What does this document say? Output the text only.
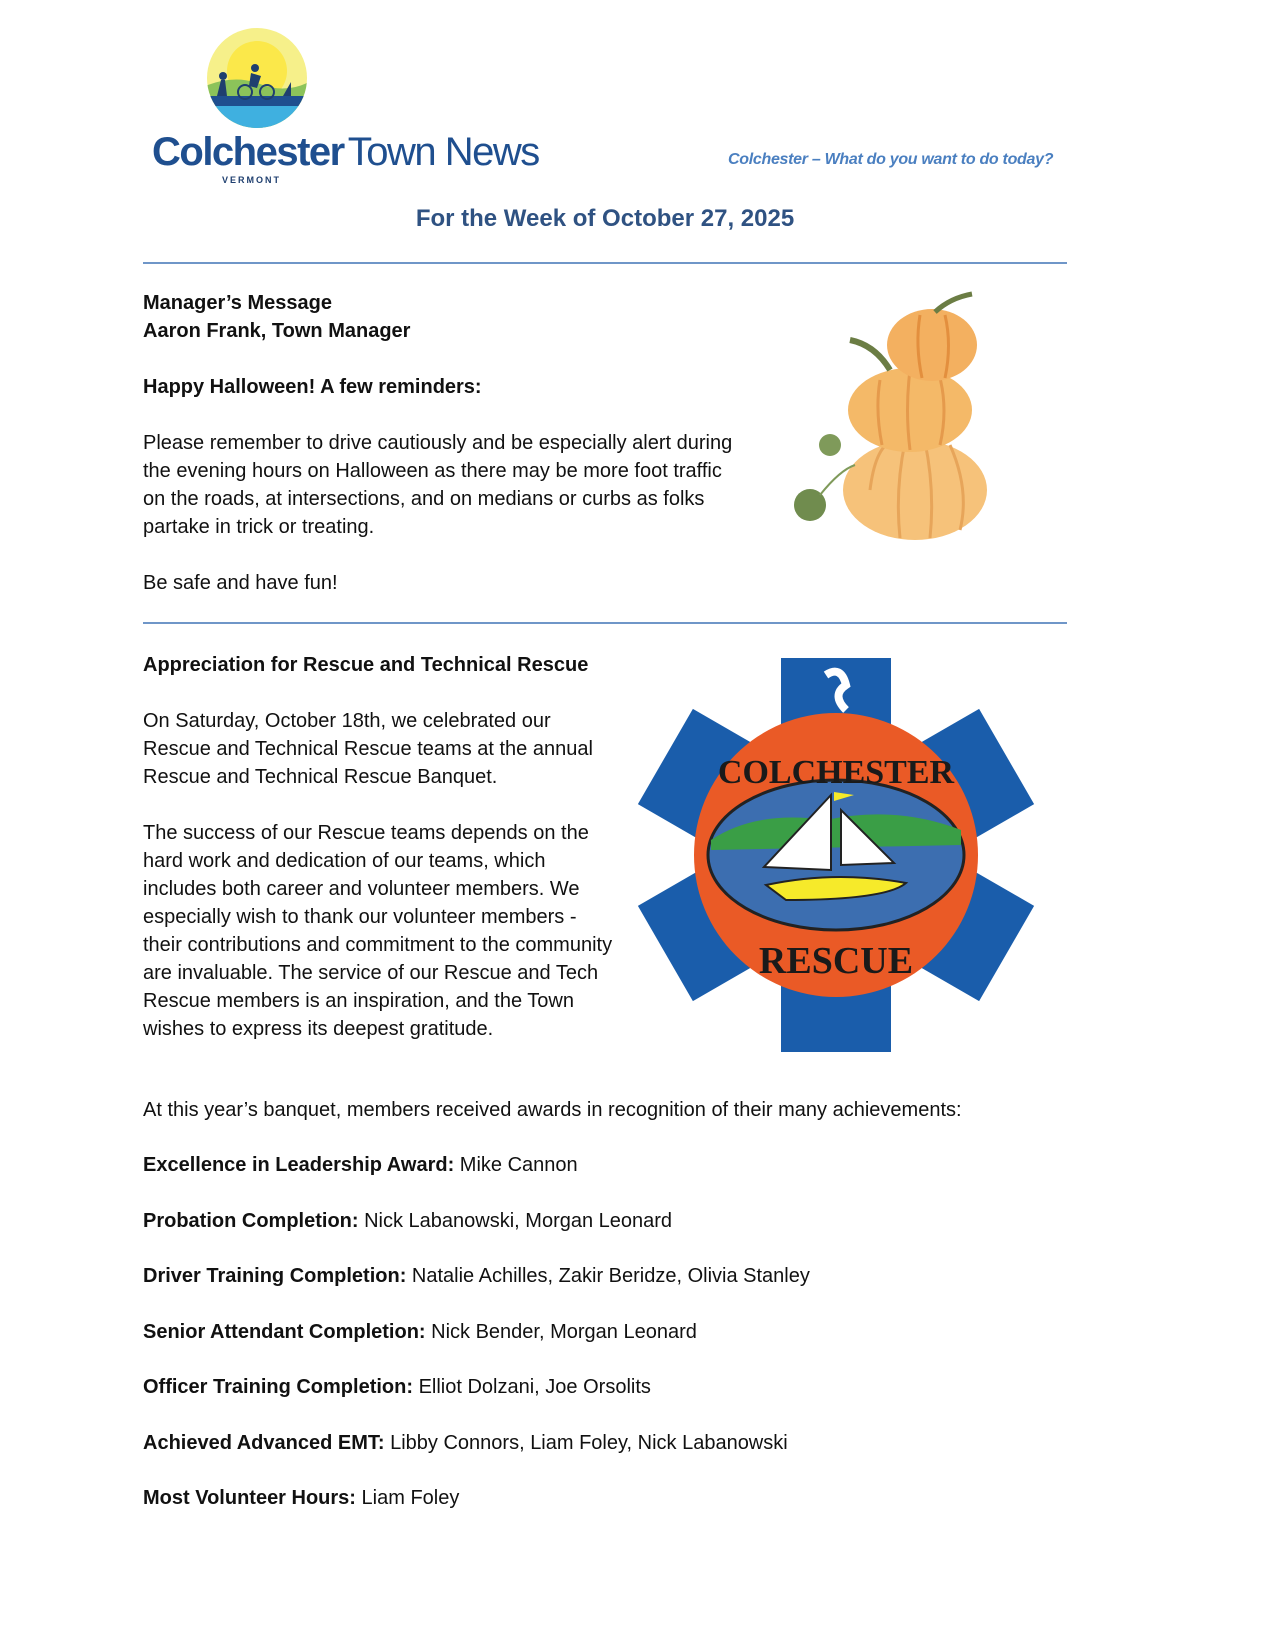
Colchester Town News
VERMONT
Colchester – What do you want to do today?
For the Week of October 27, 2025

Manager’s Message

Aaron Frank, Town Manager

Happy Halloween! A few reminders:

Please remember to drive cautiously and be especially alert during the evening hours on Halloween as there may be more foot traffic on the roads, at intersections, and on medians or curbs as folks partake in trick or treating.

Be safe and have fun!

Appreciation for Rescue and Technical Rescue

On Saturday, October 18th, we celebrated our Rescue and Technical Rescue teams at the annual Rescue and Technical Rescue Banquet.

The success of our Rescue teams depends on the hard work and dedication of our teams, which includes both career and volunteer members. We especially wish to thank our volunteer members - their contributions and commitment to the community are invaluable. The service of our Rescue and Tech Rescue members is an inspiration, and the Town wishes to express its deepest gratitude.

COLCHESTER
RESCUE

At this year’s banquet, members received awards in recognition of their many achievements:

Excellence in Leadership Award: Mike Cannon
Probation Completion: Nick Labanowski, Morgan Leonard
Driver Training Completion: Natalie Achilles, Zakir Beridze, Olivia Stanley
Senior Attendant Completion: Nick Bender, Morgan Leonard
Officer Training Completion: Elliot Dolzani, Joe Orsolits
Achieved Advanced EMT: Libby Connors, Liam Foley, Nick Labanowski
Most Volunteer Hours: Liam Foley
